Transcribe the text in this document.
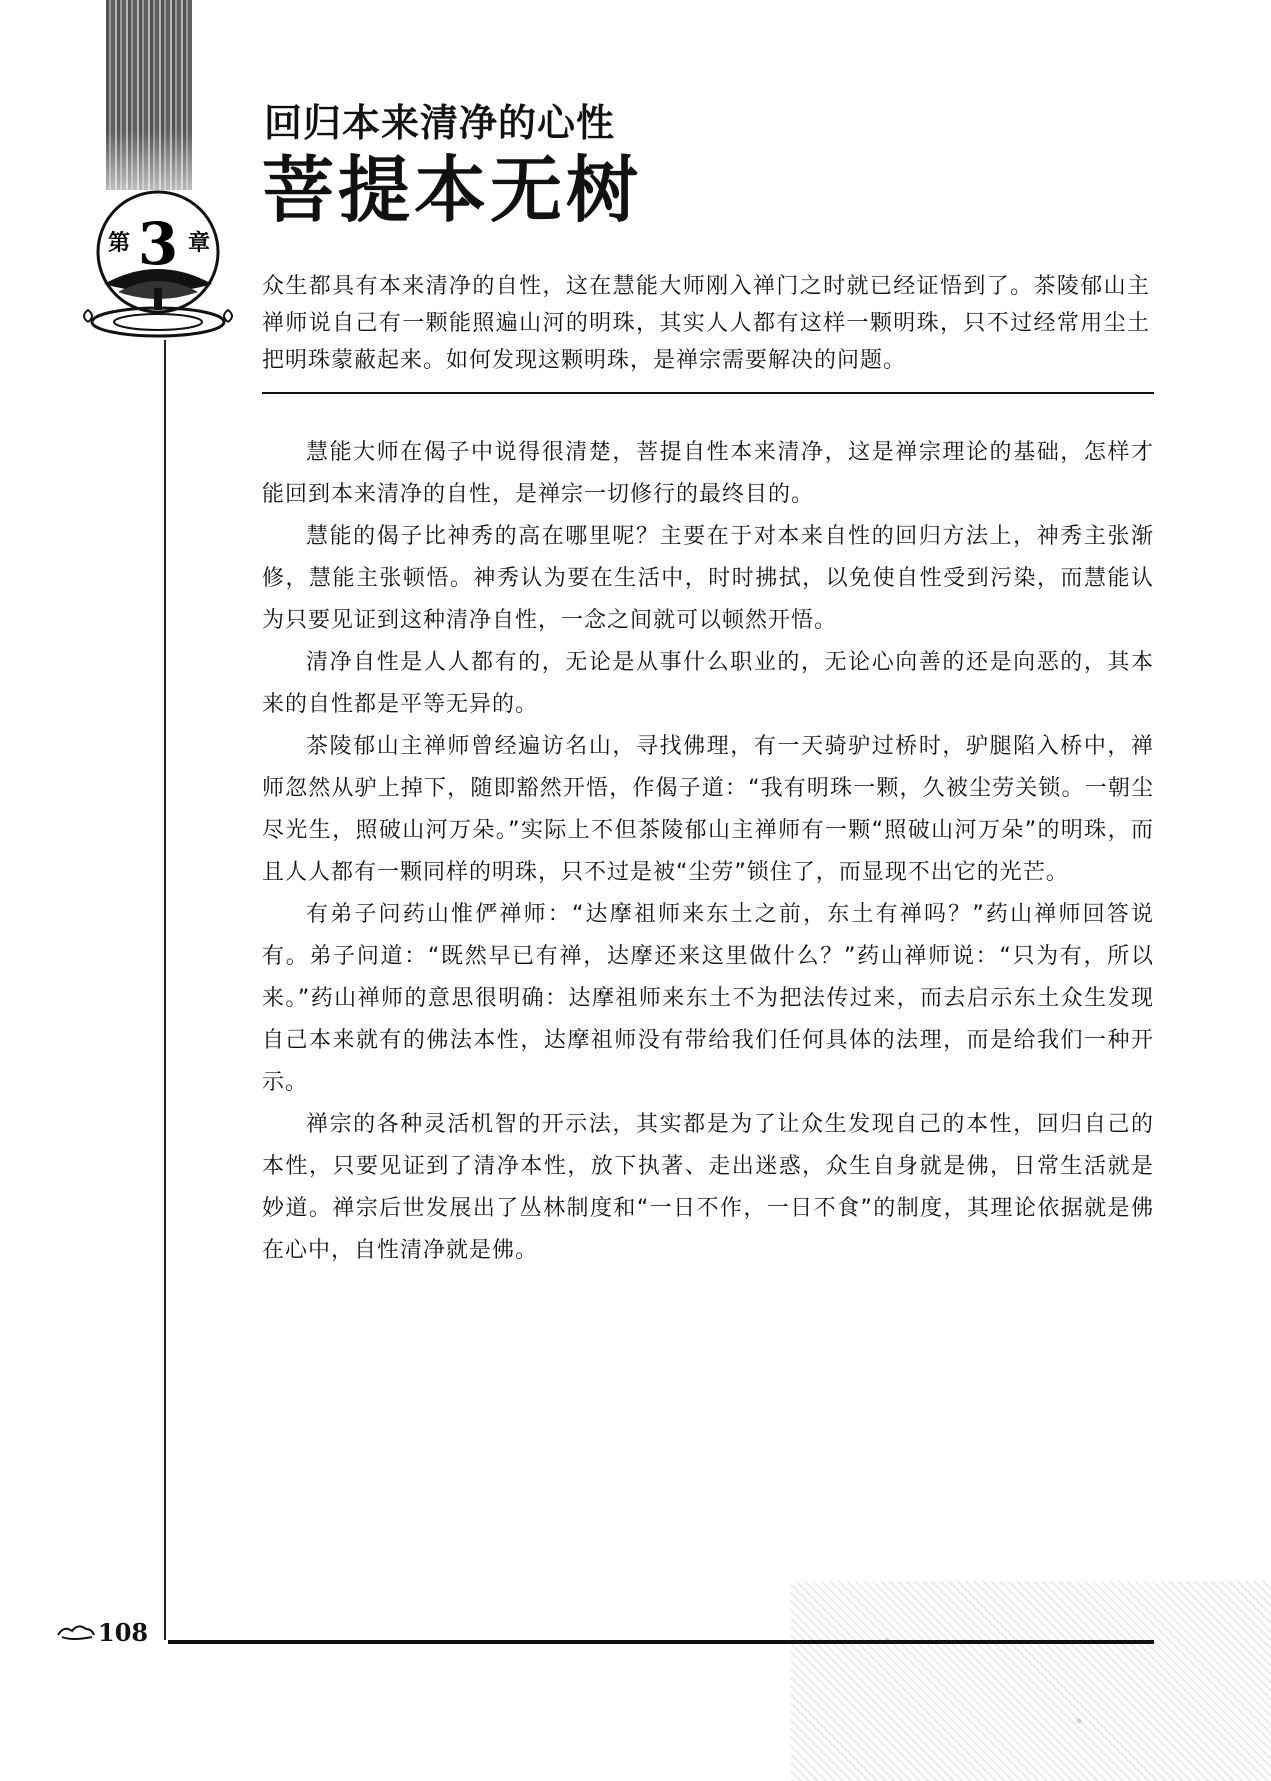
第 3 章
回归本来清净的心性
菩提本无树

众生都具有本来清净的自性，这在慧能大师刚入禅门之时就已经证悟到了。茶陵郁山主禅师说自己有一颗能照遍山河的明珠，其实人人都有这样一颗明珠，只不过经常用尘土把明珠蒙蔽起来。如何发现这颗明珠，是禅宗需要解决的问题。

慧能大师在偈子中说得很清楚，菩提自性本来清净，这是禅宗理论的基础，怎样才能回到本来清净的自性，是禅宗一切修行的最终目的。

慧能的偈子比神秀的高在哪里呢？主要在于对本来自性的回归方法上，神秀主张渐修，慧能主张顿悟。神秀认为要在生活中，时时拂拭，以免使自性受到污染，而慧能认为只要见证到这种清净自性，一念之间就可以顿然开悟。

清净自性是人人都有的，无论是从事什么职业的，无论心向善的还是向恶的，其本来的自性都是平等无异的。

茶陵郁山主禅师曾经遍访名山，寻找佛理，有一天骑驴过桥时，驴腿陷入桥中，禅师忽然从驴上掉下，随即豁然开悟，作偈子道：“我有明珠一颗，久被尘劳关锁。一朝尘尽光生，照破山河万朵。”实际上不但茶陵郁山主禅师有一颗“照破山河万朵”的明珠，而且人人都有一颗同样的明珠，只不过是被“尘劳”锁住了，而显现不出它的光芒。

有弟子问药山惟俨禅师：“达摩祖师来东土之前，东土有禅吗？”药山禅师回答说有。弟子问道：“既然早已有禅，达摩还来这里做什么？”药山禅师说：“只为有，所以来。”药山禅师的意思很明确：达摩祖师来东土不为把法传过来，而去启示东土众生发现自己本来就有的佛法本性，达摩祖师没有带给我们任何具体的法理，而是给我们一种开示。

禅宗的各种灵活机智的开示法，其实都是为了让众生发现自己的本性，回归自己的本性，只要见证到了清净本性，放下执著、走出迷惑，众生自身就是佛，日常生活就是妙道。禅宗后世发展出了丛林制度和“一日不作，一日不食”的制度，其理论依据就是佛在心中，自性清净就是佛。

108
